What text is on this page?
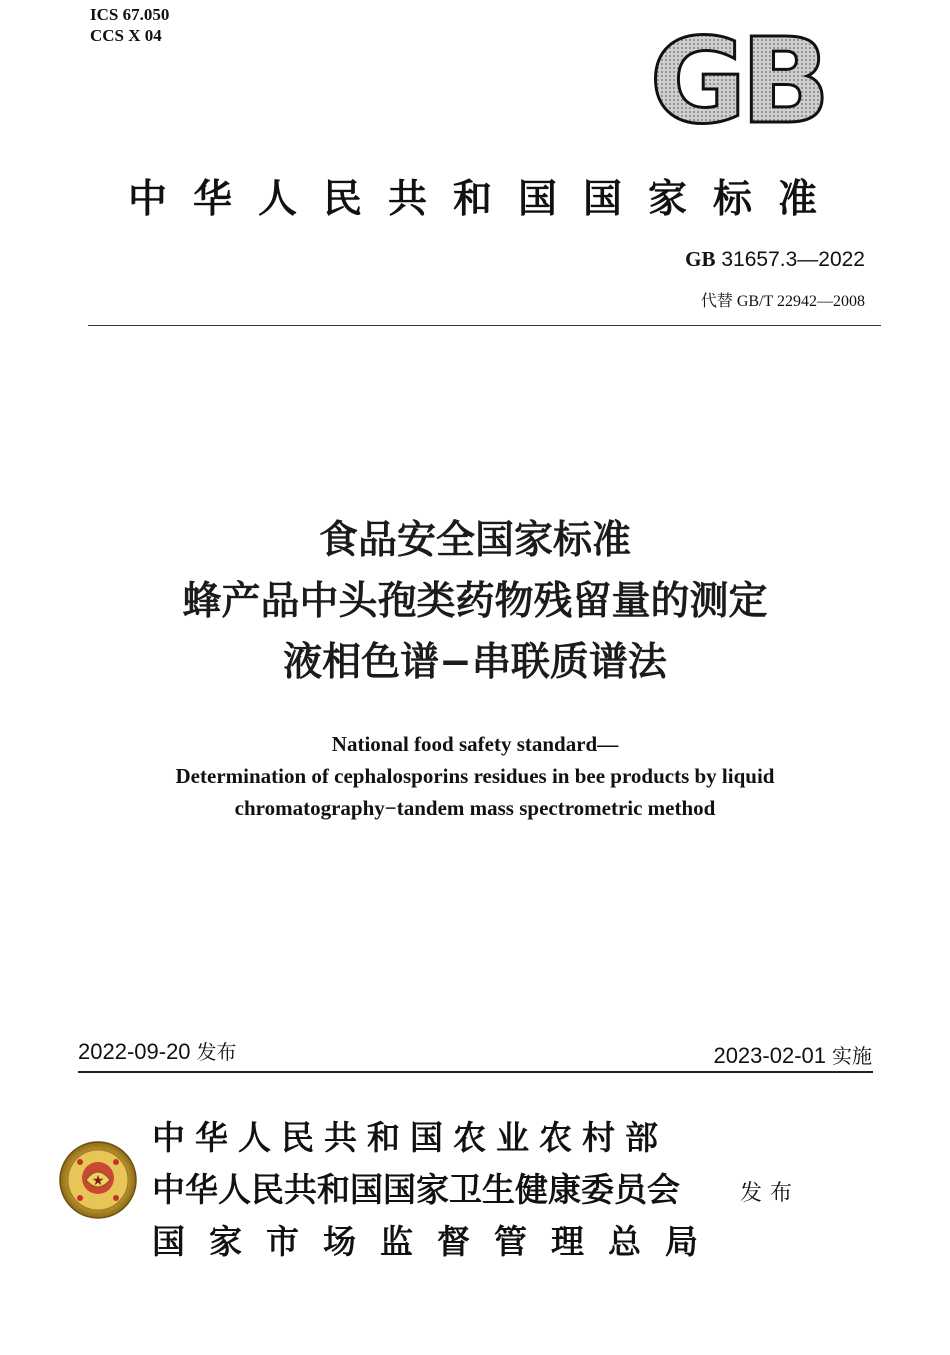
ICS 67.050
CCS X 04	GB
中华人民共和国国家标准
GB 31657.3—2022
代替 GB/T 22942—2008
食品安全国家标准
蜂产品中头孢类药物残留量的测定
液相色谱−串联质谱法
National food safety standard—
Determination of cephalosporins residues in bee products by liquid
chromatography−tandem mass spectrometric method
2022-09-20 发布	2023-02-01 实施
★
中华人民共和国农业农村部
中华人民共和国国家卫生健康委员会
国家市场监督管理总局
发布
